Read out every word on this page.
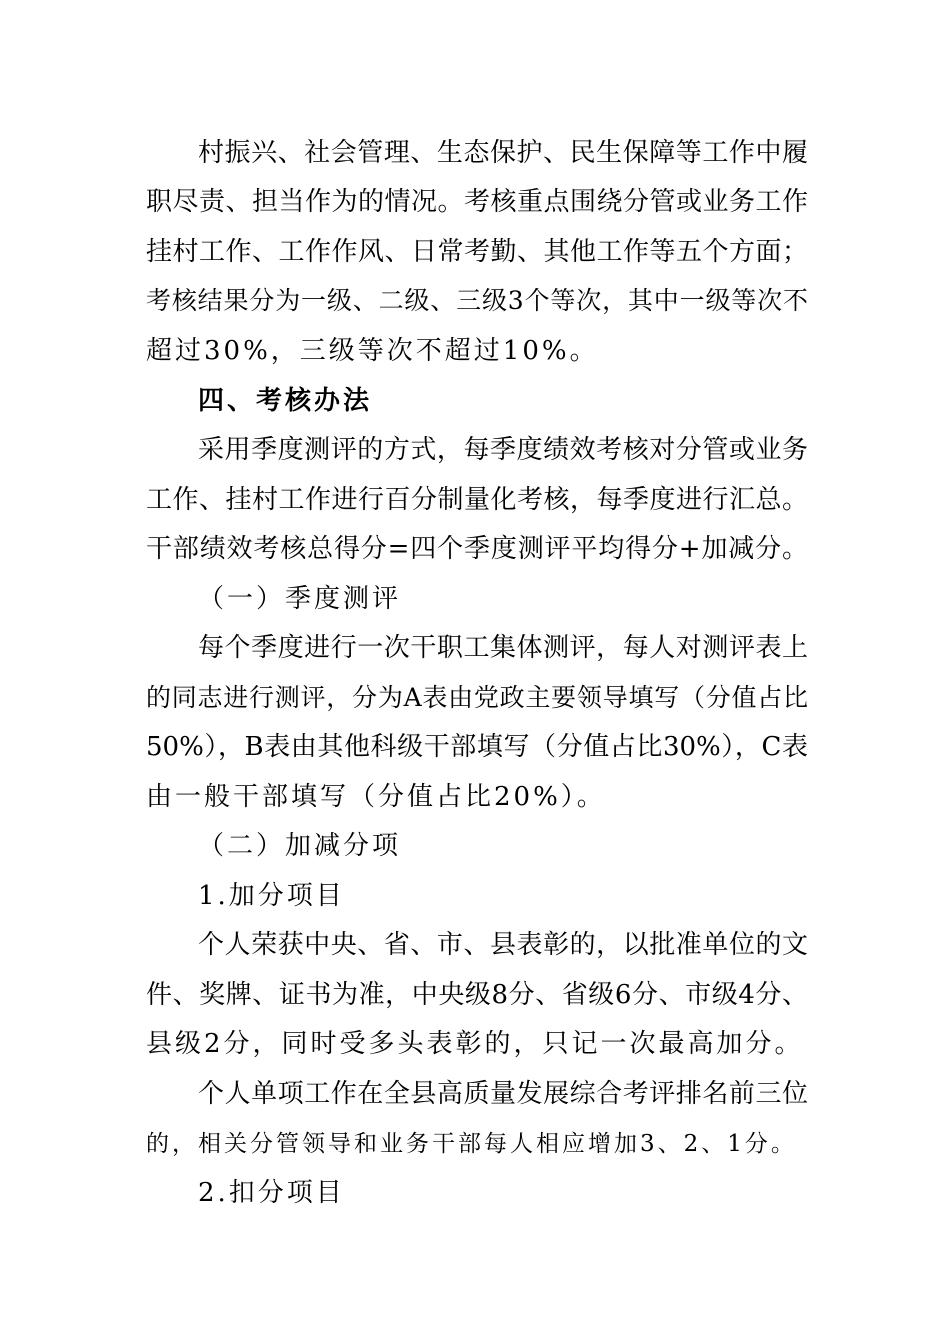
村振兴、社会管理、生态保护、民生保障等工作中履
职尽责、担当作为的情况。考核重点围绕分管或业务工作
挂村工作、工作作风、日常考勤、其他工作等五个方面；
考核结果分为一级、二级、三级3个等次，其中一级等次不
超过30%，三级等次不超过10%。
四、考核办法
采用季度测评的方式，每季度绩效考核对分管或业务
工作、挂村工作进行百分制量化考核，每季度进行汇总。
干部绩效考核总得分=四个季度测评平均得分+加减分。
（一）季度测评
每个季度进行一次干职工集体测评，每人对测评表上
的同志进行测评，分为A表由党政主要领导填写（分值占比
50%），B表由其他科级干部填写（分值占比30%），C表
由一般干部填写（分值占比20%）。
（二）加减分项
1.加分项目
个人荣获中央、省、市、县表彰的，以批准单位的文
件、奖牌、证书为准，中央级8分、省级6分、市级4分、
县级2分，同时受多头表彰的，只记一次最高加分。
个人单项工作在全县高质量发展综合考评排名前三位
的，相关分管领导和业务干部每人相应增加3、2、1分。
2.扣分项目
